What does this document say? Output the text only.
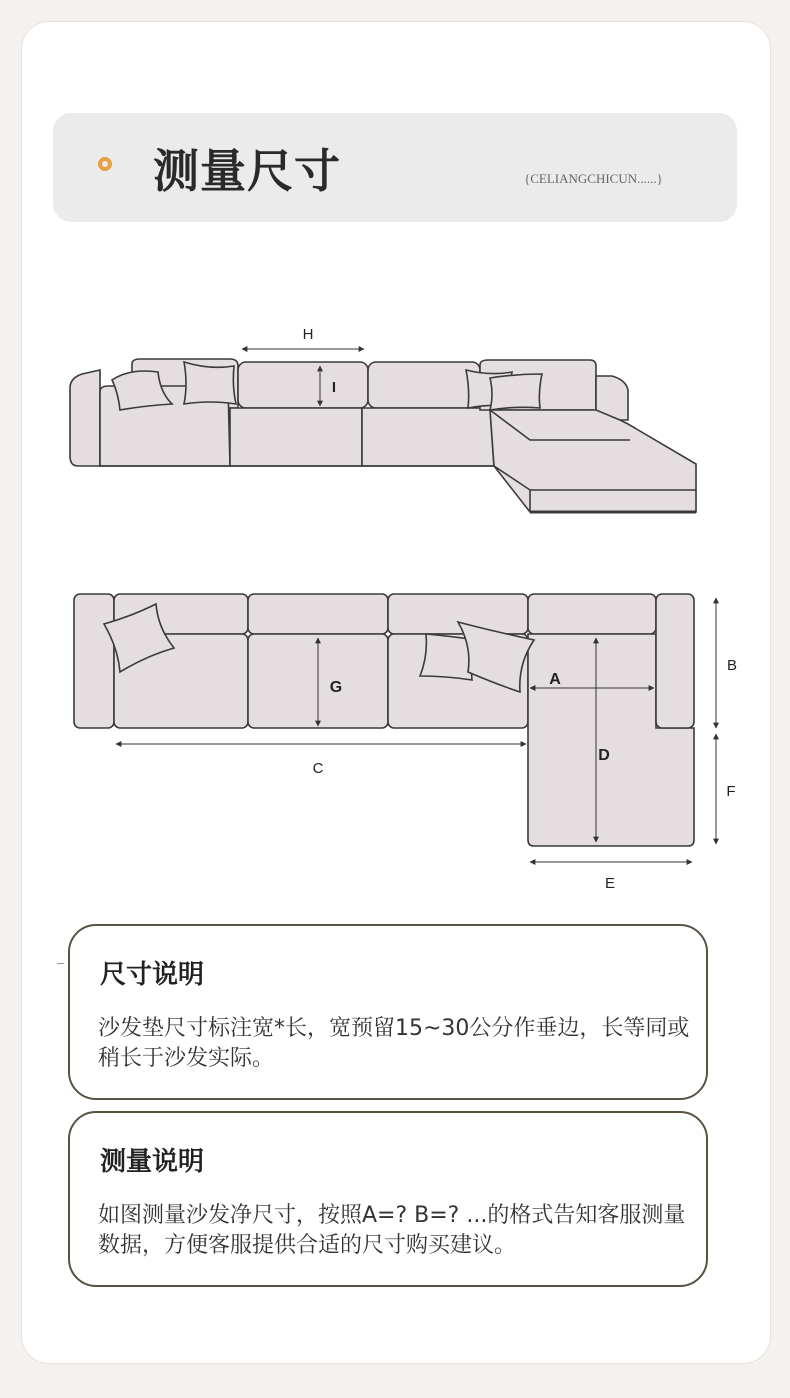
测量尺寸	{CELIANGCHICUN......}
H
I
G	A
D
C
B
F
E
尺寸说明

沙发垫尺寸标注宽*长，宽预留15~30公分作垂边，长等同或稍长于沙发实际。

测量说明

如图测量沙发净尺寸，按照A=? B=? ...的格式告知客服测量数据，方便客服提供合适的尺寸购买建议。
